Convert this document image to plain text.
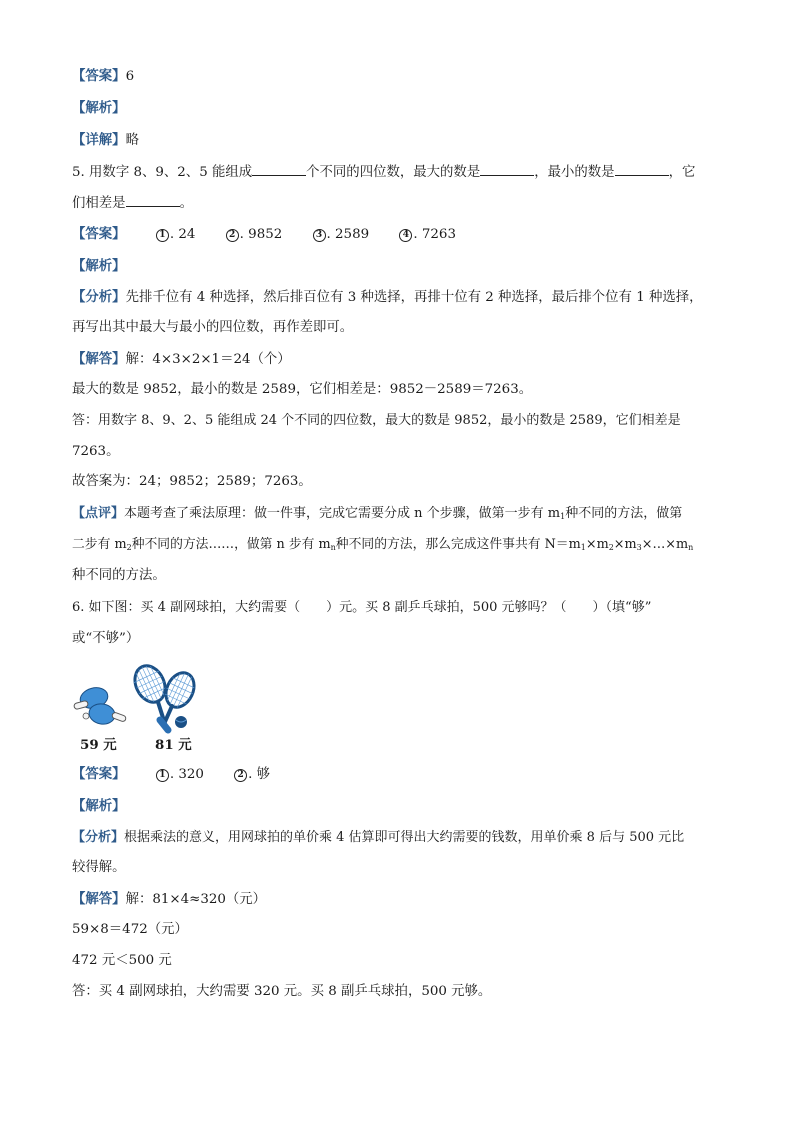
【答案】6
【解析】
【详解】略
5. 用数字 8、9、2、5 能组成	个不同的四位数，最大的数是	，最小的数是	，它
们相差是	。
【答案】	1 . 24	2 . 9852	3 . 2589	4 . 7263
【解析】
【分析】先排千位有 4 种选择，然后排百位有 3 种选择，再排十位有 2 种选择，最后排个位有 1 种选择，
再写出其中最大与最小的四位数，再作差即可。
【解答】解：4×3×2×1＝24（个）
最大的数是 9852，最小的数是 2589，它们相差是：9852－2589＝7263。
答：用数字 8、9、2、5 能组成 24 个不同的四位数，最大的数是 9852，最小的数是 2589，它们相差是
7263。
故答案为：24；9852；2589；7263。
【点评】本题考查了乘法原理：做一件事，完成它需要分成 n 个步骤，做第一步有 $m_1$种不同的方法，做第
二步有 $m_2$种不同的方法……，做第 n 步有 $m_n$种不同的方法，那么完成这件事共有 $N=m_1\times m_2\times m_3\times\dots\times m_n$
种不同的方法。
6. 如下图：买 4 副网球拍，大约需要（　　）元。买 8 副乒乓球拍，500 元够吗？（　　）（填“够”
或“不够”）
59 元	81 元
【答案】	1 . 320	2 . 够
【解析】
【分析】根据乘法的意义，用网球拍的单价乘 4 估算即可得出大约需要的钱数，用单价乘 8 后与 500 元比
较得解。
【解答】解：81×4≈320（元）
59×8＝472（元）
472 元＜500 元
答：买 4 副网球拍，大约需要 320 元。买 8 副乒乓球拍，500 元够。
